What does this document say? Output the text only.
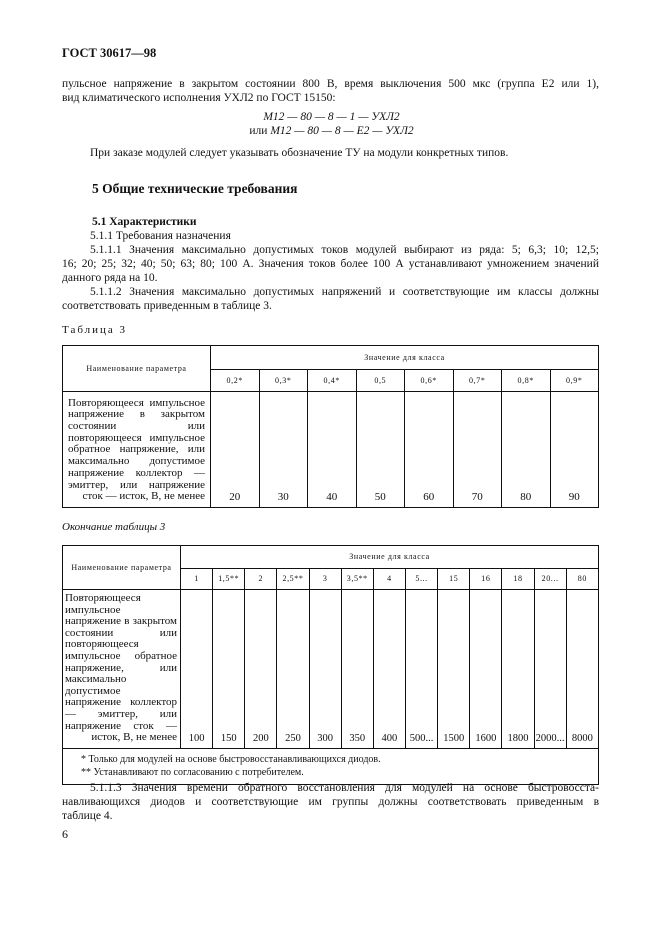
ГОСТ 30617—98
пульсное напряжение в закрытом состоянии 800 В, время выключения 500 мкс (группа Е2 или 1),
вид климатического исполнения УХЛ2 по ГОСТ 15150:
М12 — 80 — 8 — 1 — УХЛ2
или М12 — 80 — 8 — Е2 — УХЛ2
При заказе модулей следует указывать обозначение ТУ на модули конкретных типов.
5 Общие технические требования
5.1 Характеристики
5.1.1 Требования назначения
5.1.1.1 Значения максимально допустимых токов модулей выбирают из ряда: 5; 6,3; 10; 12,5;
16; 20; 25; 32; 40; 50; 63; 80; 100 А. Значения токов более 100 А устанавливают умножением значений
данного ряда на 10.
5.1.1.2 Значения максимально допустимых напряжений и соответствующие им классы должны
соответствовать приведенным в таблице 3.
Таблица 3
Наименование параметра	Значение для класса							
	0,2*	0,3*	0,4*	0,5	0,6*	0,7*	0,8*	0,9*
Повторяющееся импульсное напряжение в закрытом состоянии или повторяющееся импульсное обратное напряжение, или максимально допустимое напряжение коллектор — эмиттер, или напряжение сток — исток, В, не менее	20	30	40	50	60	70	80	90
Окончание таблицы 3
Наименование параметра	Значение для класса												
	1	1,5**	2	2,5**	3	3,5**	4	5...	15	16	18	20...	80
Повторяющееся импульсное напряжение в закрытом состоянии или повторяющееся импульсное обратное напряжение, или максимально допустимое напряжение коллектор — эмиттер, или напряжение сток — исток, В, не менее	100	150	200	250	300	350	400	500...	1500	1600	1800	2000...	8000

* Только для модулей на основе быстровосстанавливающихся диодов.
** Устанавливают по согласованию с потребителем.													
5.1.1.3 Значения времени обратного восстановления для модулей на основе быстровосста-
навливающихся диодов и соответствующие им группы должны соответствовать приведенным в
таблице 4.
6
